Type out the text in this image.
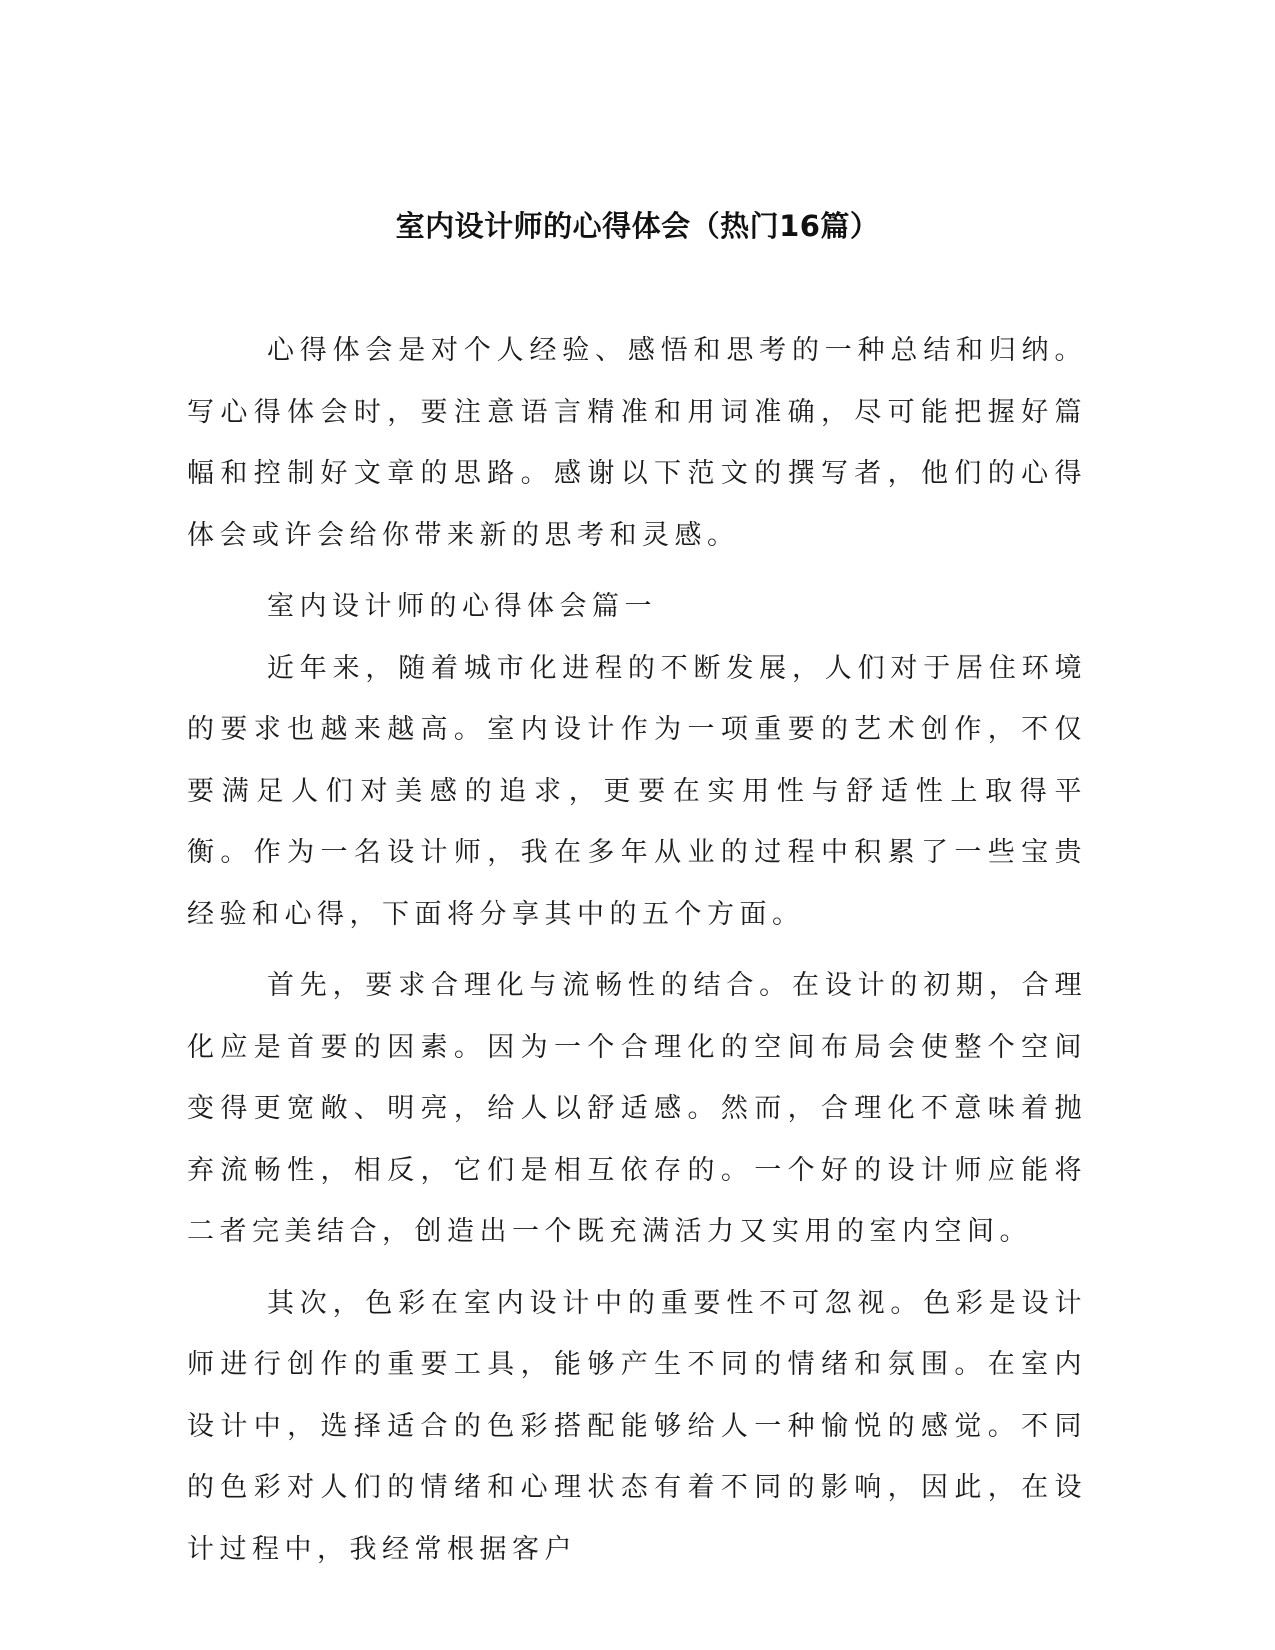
室内设计师的心得体会（热门16篇）

心得体会是对个人经验、感悟和思考的一种总结和归纳。写心得体会时，要注意语言精准和用词准确，尽可能把握好篇幅和控制好文章的思路。感谢以下范文的撰写者，他们的心得体会或许会给你带来新的思考和灵感。

室内设计师的心得体会篇一

近年来，随着城市化进程的不断发展，人们对于居住环境的要求也越来越高。室内设计作为一项重要的艺术创作，不仅要满足人们对美感的追求，更要在实用性与舒适性上取得平衡。作为一名设计师，我在多年从业的过程中积累了一些宝贵经验和心得，下面将分享其中的五个方面。

首先，要求合理化与流畅性的结合。在设计的初期，合理化应是首要的因素。因为一个合理化的空间布局会使整个空间变得更宽敞、明亮，给人以舒适感。然而，合理化不意味着抛弃流畅性，相反，它们是相互依存的。一个好的设计师应能将二者完美结合，创造出一个既充满活力又实用的室内空间。

其次，色彩在室内设计中的重要性不可忽视。色彩是设计师进行创作的重要工具，能够产生不同的情绪和氛围。在室内设计中，选择适合的色彩搭配能够给人一种愉悦的感觉。不同的色彩对人们的情绪和心理状态有着不同的影响，因此，在设计过程中，我经常根据客户
